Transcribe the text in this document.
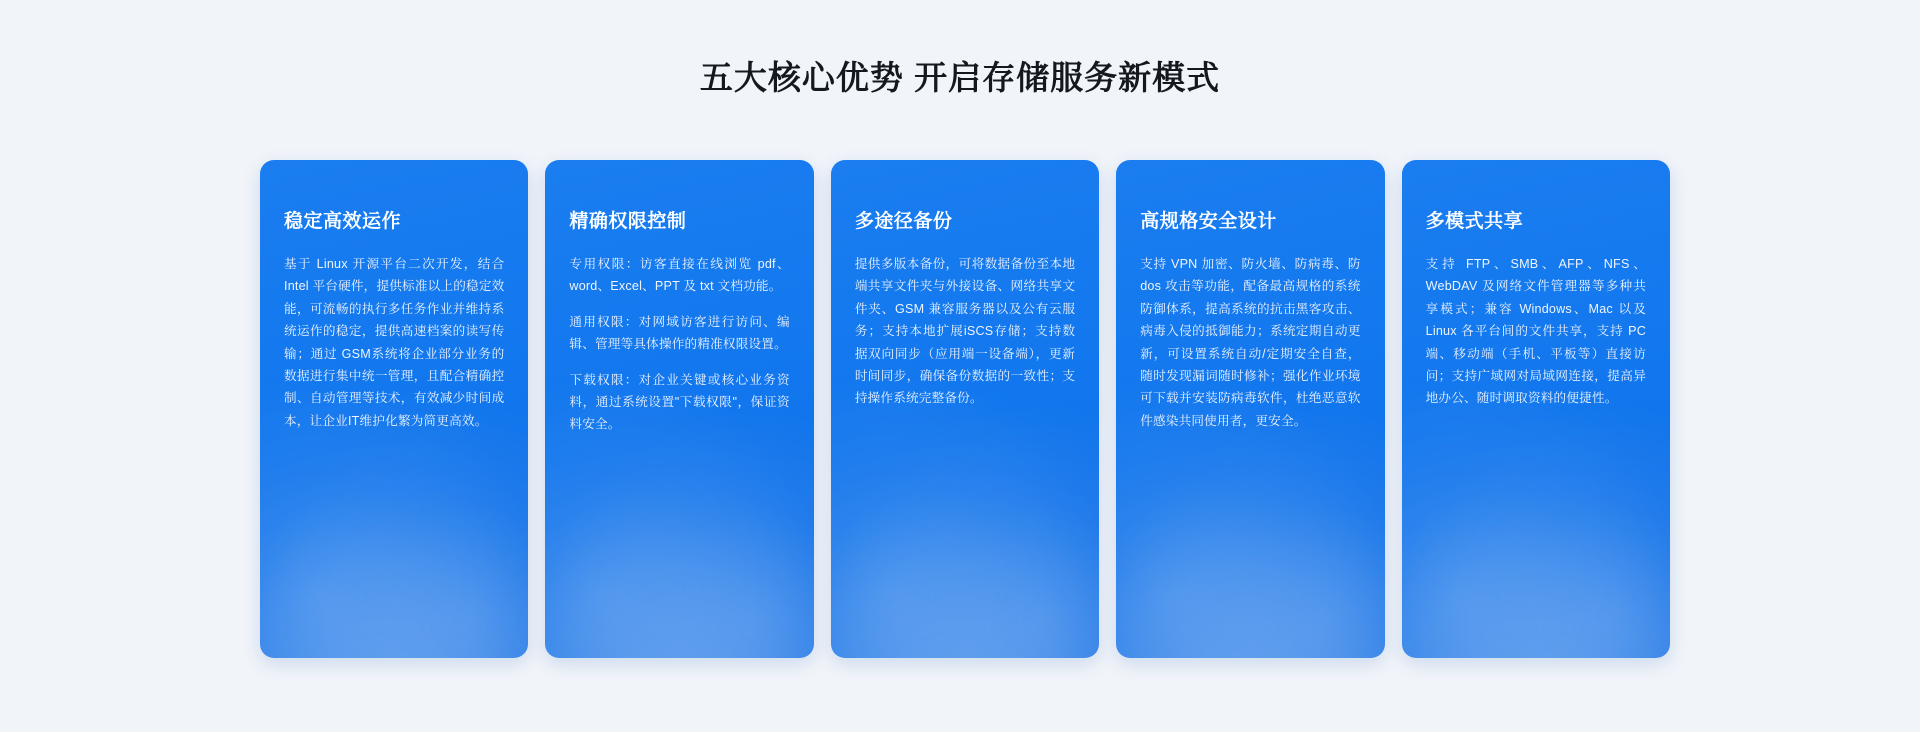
五大核心优势 开启存储服务新模式
稳定高效运作

基于 Linux 开源平台二次开发，结合 Intel 平台硬件，提供标准以上的稳定效能，可流畅的执行多任务作业并维持系统运作的稳定，提供高速档案的读写传输；通过 GSM系统将企业部分业务的数据进行集中统一管理，且配合精确控制、自动管理等技术，有效减少时间成本，让企业IT维护化繁为简更高效。

精确权限控制

专用权限：访客直接在线浏览 pdf、word、Excel、PPT 及 txt 文档功能。

通用权限：对网域访客进行访问、编辑、管理等具体操作的精准权限设置。

下载权限：对企业关键或核心业务资料，通过系统设置"下载权限"，保证资料安全。

多途径备份

提供多版本备份，可将数据备份至本地端共享文件夹与外接设备、网络共享文件夹、GSM 兼容服务器以及公有云服务；支持本地扩展iSCS存储；支持数据双向同步（应用端一设备端），更新时间同步，确保备份数据的一致性；支持操作系统完整备份。

高规格安全设计

支持 VPN 加密、防火墙、防病毒、防 dos 攻击等功能，配备最高规格的系统防御体系，提高系统的抗击黑客攻击、病毒入侵的抵御能力；系统定期自动更新，可设置系统自动/定期安全自查，随时发现漏词随时修补；强化作业环境可下载并安装防病毒软件，杜绝恶意软件感染共同使用者，更安全。

多模式共享

支持 FTP、SMB、AFP、NFS、WebDAV 及网络文件管理器等多种共享模式；兼容 Windows、Mac 以及 Linux 各平台间的文件共享，支持 PC 端、移动端（手机、平板等）直接访问；支持广域网对局域网连接，提高异地办公、随时调取资料的便捷性。
